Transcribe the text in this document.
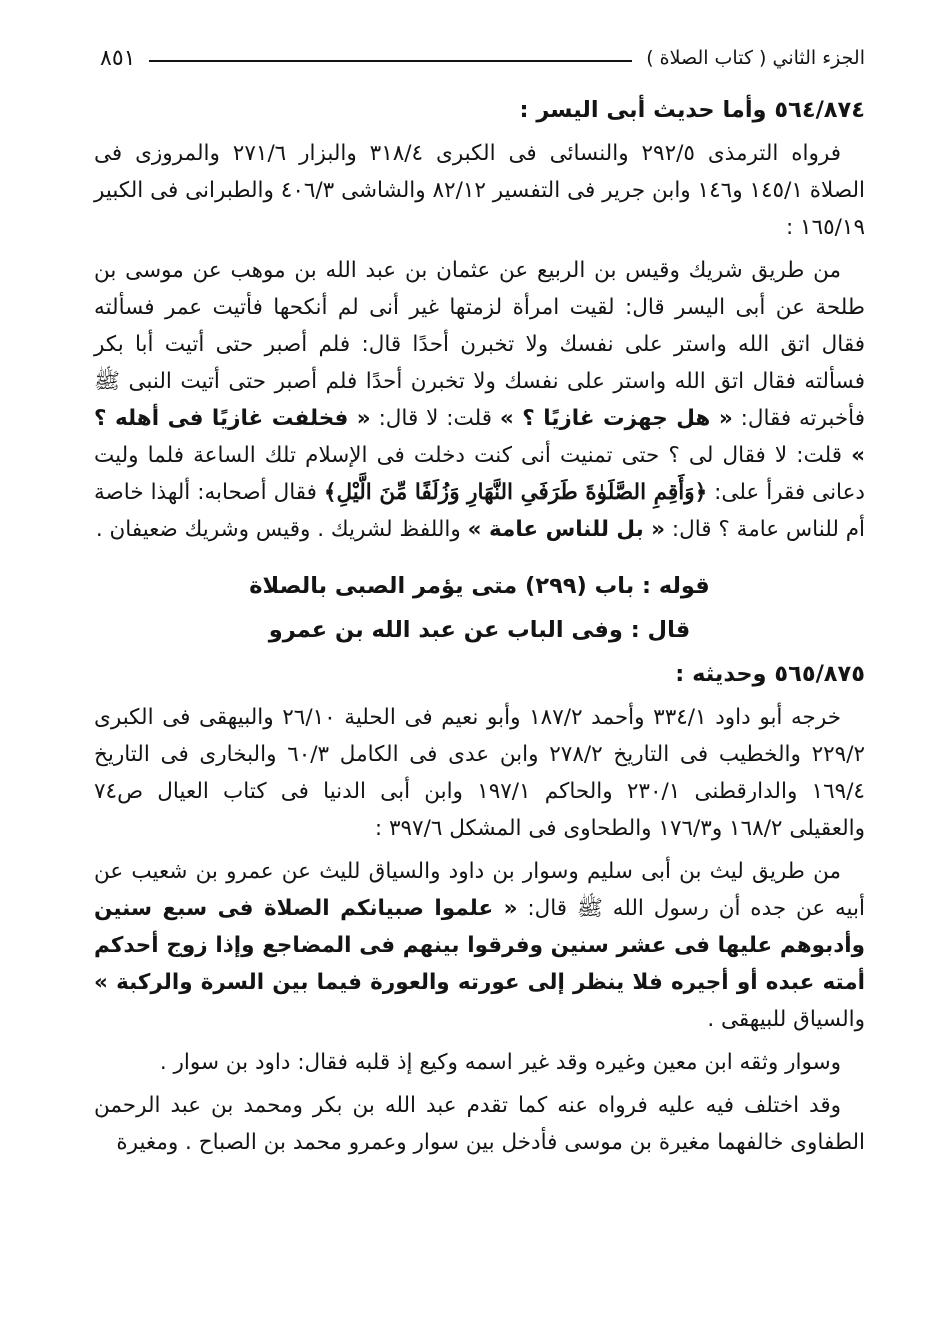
الجزء الثاني ( كتاب الصلاة )
٨٥١
٥٦٤/٨٧٤ وأما حديث أبى اليسر :

فرواه الترمذى ٢٩٢/٥ والنسائى فى الكبرى ٣١٨/٤ والبزار ٢٧١/٦ والمروزى فى الصلاة ١٤٥/١ و١٤٦ وابن جرير فى التفسير ٨٢/١٢ والشاشى ٤٠٦/٣ والطبرانى فى الكبير ١٦٥/١٩ :

من طريق شريك وقيس بن الربيع عن عثمان بن عبد الله بن موهب عن موسى بن طلحة عن أبى اليسر قال: لقيت امرأة لزمتها غير أنى لم أنكحها فأتيت عمر فسألته فقال اتق الله واستر على نفسك ولا تخبرن أحدًا قال: فلم أصبر حتى أتيت أبا بكر فسألته فقال اتق الله واستر على نفسك ولا تخبرن أحدًا فلم أصبر حتى أتيت النبى ﷺ فأخبرته فقال: « هل جهزت غازيًا ؟ » قلت: لا قال: « فخلفت غازيًا فى أهله ؟ » قلت: لا فقال لى ؟ حتى تمنيت أنى كنت دخلت فى الإسلام تلك الساعة فلما وليت دعانى فقرأ على: ﴿وَأَقِمِ الصَّلَوٰةَ طَرَفَىِ النَّهَارِ وَزُلَفًا مِّنَ الَّيْلِ﴾ فقال أصحابه: ألهذا خاصة أم للناس عامة ؟ قال: « بل للناس عامة » واللفظ لشريك . وقيس وشريك ضعيفان .

قوله : باب (٢٩٩) متى يؤمر الصبى بالصلاة
قال : وفى الباب عن عبد الله بن عمرو
٥٦٥/٨٧٥ وحديثه :

خرجه أبو داود ٣٣٤/١ وأحمد ١٨٧/٢ وأبو نعيم فى الحلية ٢٦/١٠ والبيهقى فى الكبرى ٢٢٩/٢ والخطيب فى التاريخ ٢٧٨/٢ وابن عدى فى الكامل ٦٠/٣ والبخارى فى التاريخ ١٦٩/٤ والدارقطنى ٢٣٠/١ والحاكم ١٩٧/١ وابن أبى الدنيا فى كتاب العيال ص٧٤ والعقيلى ١٦٨/٢ و١٧٦/٣ والطحاوى فى المشكل ٣٩٧/٦ :

من طريق ليث بن أبى سليم وسوار بن داود والسياق لليث عن عمرو بن شعيب عن أبيه عن جده أن رسول الله ﷺ قال: « علموا صبيانكم الصلاة فى سبع سنين وأدبوهم عليها فى عشر سنين وفرقوا بينهم فى المضاجع وإذا زوج أحدكم أمته عبده أو أجيره فلا ينظر إلى عورته والعورة فيما بين السرة والركبة » والسياق للبيهقى .

وسوار وثقه ابن معين وغيره وقد غير اسمه وكيع إذ قلبه فقال: داود بن سوار .

وقد اختلف فيه عليه فرواه عنه كما تقدم عبد الله بن بكر ومحمد بن عبد الرحمن الطفاوى خالفهما مغيرة بن موسى فأدخل بين سوار وعمرو محمد بن الصباح . ومغيرة
